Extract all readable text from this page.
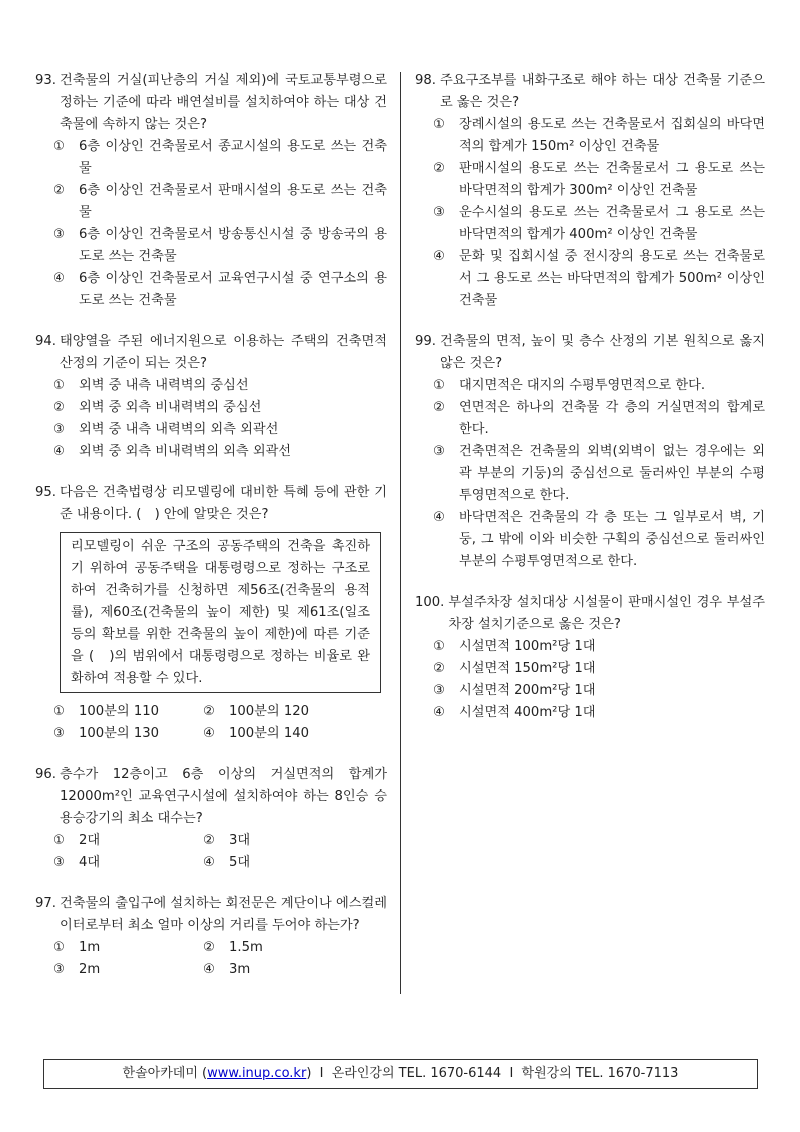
93. 건축물의 거실(피난층의 거실 제외)에 국토교통부령으로 정하는 기준에 따라 배연설비를 설치하여야 하는 대상 건축물에 속하지 않는 것은?
①	6층 이상인 건축물로서 종교시설의 용도로 쓰는 건축물
②	6층 이상인 건축물로서 판매시설의 용도로 쓰는 건축물
③	6층 이상인 건축물로서 방송통신시설 중 방송국의 용도로 쓰는 건축물
④	6층 이상인 건축물로서 교육연구시설 중 연구소의 용도로 쓰는 건축물
94. 태양열을 주된 에너지원으로 이용하는 주택의 건축면적 산정의 기준이 되는 것은?
①	외벽 중 내측 내력벽의 중심선
②	외벽 중 외측 비내력벽의 중심선
③	외벽 중 내측 내력벽의 외측 외곽선
④	외벽 중 외측 비내력벽의 외측 외곽선
95. 다음은 건축법령상 리모델링에 대비한 특혜 등에 관한 기준 내용이다. (　) 안에 알맞은 것은?
리모델링이 쉬운 구조의 공동주택의 건축을 촉진하기 위하여 공동주택을 대통령령으로 정하는 구조로 하여 건축허가를 신청하면 제56조(건축물의 용적률), 제60조(건축물의 높이 제한) 및 제61조(일조 등의 확보를 위한 건축물의 높이 제한)에 따른 기준을 (　)의 범위에서 대통령령으로 정하는 비율로 완화하여 적용할 수 있다.
①	100분의 110	②	100분의 120
③	100분의 130	④	100분의 140
96. 층수가 12층이고 6층 이상의 거실면적의 합계가 12000m²인 교육연구시설에 설치하여야 하는 8인승 승용승강기의 최소 대수는?
①	2대	②	3대
③	4대	④	5대
97. 건축물의 출입구에 설치하는 회전문은 계단이나 에스컬레이터로부터 최소 얼마 이상의 거리를 두어야 하는가?
①	1m	②	1.5m
③	2m	④	3m
98. 주요구조부를 내화구조로 해야 하는 대상 건축물 기준으로 옳은 것은?
①	장례시설의 용도로 쓰는 건축물로서 집회실의 바닥면적의 합계가 150m² 이상인 건축물
②	판매시설의 용도로 쓰는 건축물로서 그 용도로 쓰는 바닥면적의 합계가 300m² 이상인 건축물
③	운수시설의 용도로 쓰는 건축물로서 그 용도로 쓰는 바닥면적의 합계가 400m² 이상인 건축물
④	문화 및 집회시설 중 전시장의 용도로 쓰는 건축물로서 그 용도로 쓰는 바닥면적의 합계가 500m² 이상인 건축물
99. 건축물의 면적, 높이 및 층수 산정의 기본 원칙으로 옳지 않은 것은?
①	대지면적은 대지의 수평투영면적으로 한다.
②	연면적은 하나의 건축물 각 층의 거실면적의 합계로 한다.
③	건축면적은 건축물의 외벽(외벽이 없는 경우에는 외곽 부분의 기둥)의 중심선으로 둘러싸인 부분의 수평투영면적으로 한다.
④	바닥면적은 건축물의 각 층 또는 그 일부로서 벽, 기둥, 그 밖에 이와 비슷한 구획의 중심선으로 둘러싸인 부분의 수평투영면적으로 한다.
100. 부설주차장 설치대상 시설물이 판매시설인 경우 부설주차장 설치기준으로 옳은 것은?
①	시설면적 100m²당 1대
②	시설면적 150m²당 1대
③	시설면적 200m²당 1대
④	시설면적 400m²당 1대
한솔아카데미 ( www.inup.co.kr )  I  온라인강의 TEL. 1670-6144  I  학원강의 TEL. 1670-7113
